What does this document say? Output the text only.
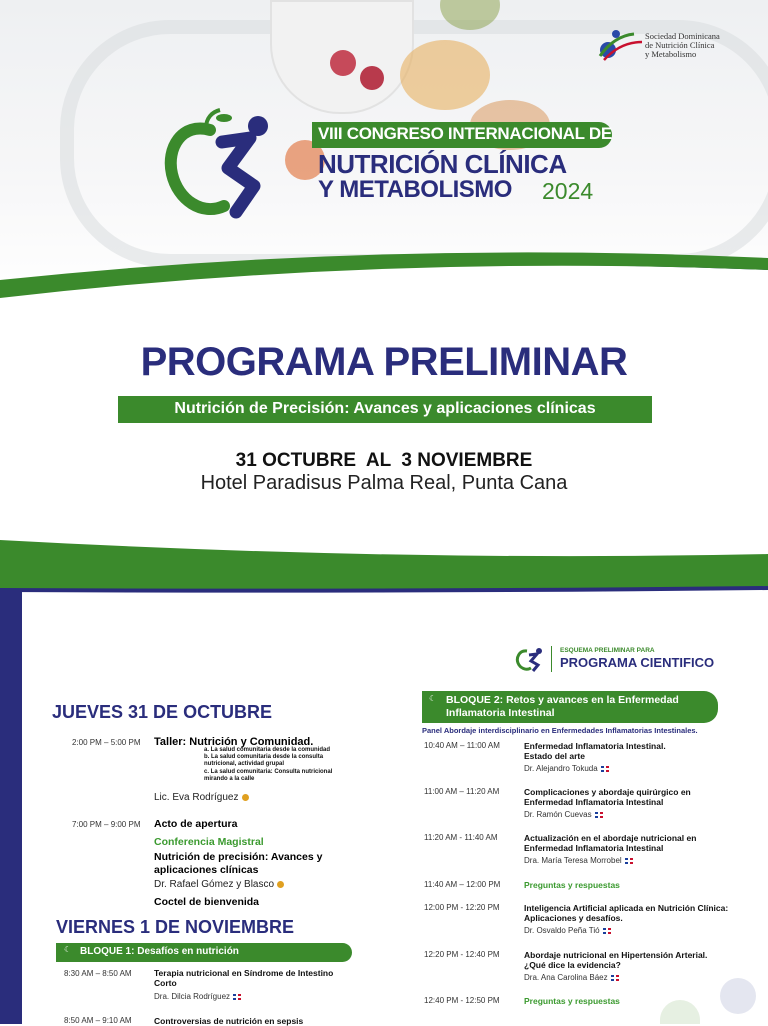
Sociedad Dominicana
de Nutrición Clínica
y Metabolismo
VIII CONGRESO INTERNACIONAL DE
NUTRICIÓN CLÍNICA
Y METABOLISMO 2024
PROGRAMA PRELIMINAR
Nutrición de Precisión: Avances y aplicaciones clínicas
31 OCTUBRE  AL  3 NOVIEMBRE
Hotel Paradisus Palma Real, Punta Cana
ESQUEMA PRELIMINAR PARA
PROGRAMA CIENTIFICO
JUEVES 31 DE OCTUBRE
2:00 PM – 5:00 PM Taller: Nutrición y Comunidad.
a. La salud comunitaria desde la comunidad
b. La salud comunitaria desde la consulta
nutricional, actividad grupal
c. La salud comunitaria: Consulta nutricional
mirando a la calle
Lic. Eva Rodríguez
7:00 PM – 9:00 PM Acto de apertura
Conferencia Magistral
Nutrición de precisión: Avances y
aplicaciones clínicas
Dr. Rafael Gómez y Blasco
Coctel de bienvenida
VIERNES 1 DE NOVIEMBRE
☾ BLOQUE 1: Desafíos en nutrición
8:30 AM – 8:50 AM	Terapia nutricional en Síndrome de Intestino
Corto
Dra. Dilcia Rodríguez
8:50 AM – 9:10 AM	Controversias de nutrición en sepsis
☾ BLOQUE 2: Retos y avances en la Enfermedad
Inflamatoria Intestinal
Panel Abordaje interdisciplinario en Enfermedades Inflamatorias Intestinales.
10:40 AM – 11:00 AM	Enfermedad Inflamatoria Intestinal.
Estado del arte
Dr. Alejandro Tokuda
11:00 AM – 11:20 AM	Complicaciones y abordaje quirúrgico en
Enfermedad Inflamatoria Intestinal
Dr. Ramón Cuevas
11:20 AM - 11:40 AM	Actualización en el abordaje nutricional en
Enfermedad Inflamatoria Intestinal
Dra. María Teresa Morrobel
11:40 AM – 12:00 PM	Preguntas y respuestas
12:00 PM - 12:20 PM	Inteligencia Artificial aplicada en Nutrición Clínica:
Aplicaciones y desafíos.
Dr. Osvaldo Peña Tió
12:20 PM - 12:40 PM	Abordaje nutricional en Hipertensión Arterial.
¿Qué dice la evidencia?
Dra. Ana Carolina Báez
12:40 PM - 12:50 PM	Preguntas y respuestas
